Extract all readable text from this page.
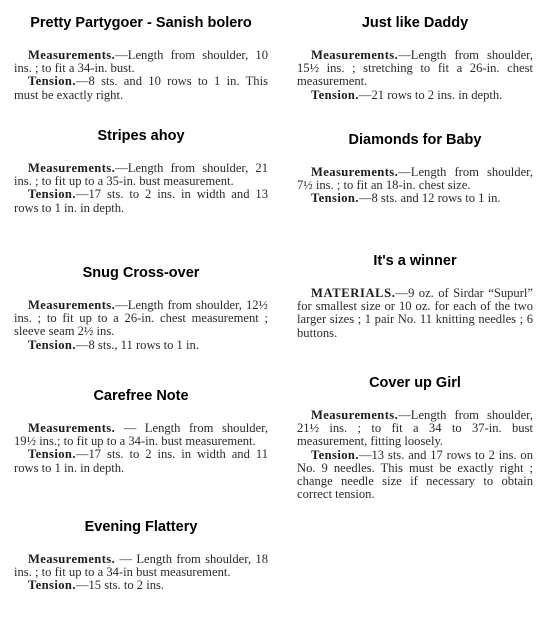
Pretty Partygoer - Sanish bolero

Measurements.—Length from shoulder, 10 ins. ; to fit a 34-in. bust.

Tension.—8 sts. and 10 rows to 1 in. This must be exactly right.

Stripes ahoy

Measurements.—Length from shoulder, 21 ins. ; to fit up to a 35-in. bust measurement.

Tension.—17 sts. to 2 ins. in width and 13 rows to 1 in. in depth.

Snug Cross-over

Measurements.—Length from shoulder, 12½ ins. ; to fit up to a 26-in. chest measurement ; sleeve seam 2½ ins.

Tension.—8 sts., 11 rows to 1 in.

Carefree Note

Measurements. — Length from shoulder, 19½ ins.; to fit up to a 34-in. bust measurement.

Tension.—17 sts. to 2 ins. in width and 11 rows to 1 in. in depth.

Evening Flattery

Measurements. — Length from shoulder, 18 ins. ; to fit up to a 34-in bust measurement.

Tension.—15 sts. to 2 ins.

Just like Daddy

Measurements.—Length from shoulder, 15½ ins. ; stretching to fit a 26-in. chest measurement.

Tension.—21 rows to 2 ins. in depth.

Diamonds for Baby

Measurements.—Length from shoulder, 7½ ins. ; to fit an 18-in. chest size.

Tension.—8 sts. and 12 rows to 1 in.

It's a winner

MATERIALS.—9 oz. of Sirdar “Supurl” for smallest size or 10 oz. for each of the two larger sizes ; 1 pair No. 11 knitting needles ; 6 buttons.

Cover up Girl

Measurements.—Length from shoulder, 21½ ins. ; to fit a 34 to 37-in. bust measurement, fitting loosely.

Tension.—13 sts. and 17 rows to 2 ins. on No. 9 needles. This must be exactly right ; change needle size if necessary to obtain correct tension.
